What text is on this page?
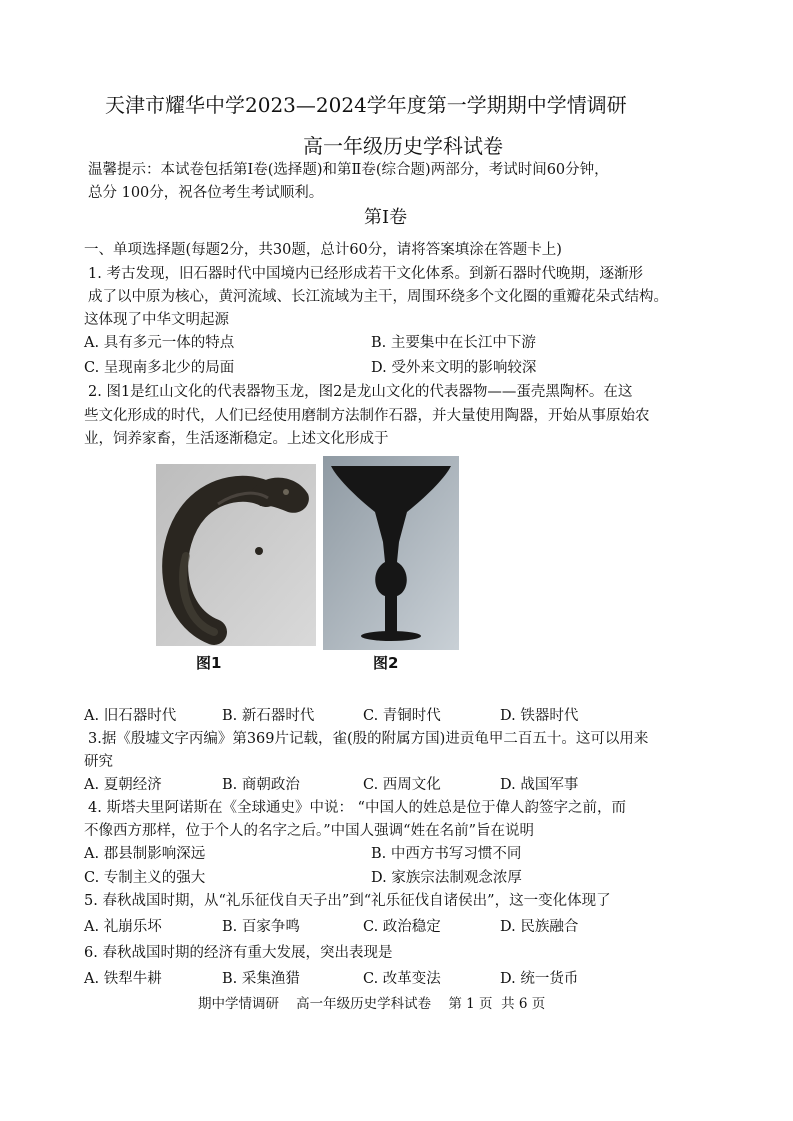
天津市耀华中学2023—2024学年度第一学期期中学情调研
高一年级历史学科试卷
温馨提示：本试卷包括第Ⅰ卷(选择题)和第Ⅱ卷(综合题)两部分，考试时间60分钟，
总分 100分，祝各位考生考试顺利。
第Ⅰ卷
一、单项选择题(每题2分，共30题，总计60分，请将答案填涂在答题卡上)
1. 考古发现，旧石器时代中国境内已经形成若干文化体系。到新石器时代晚期，逐渐形
成了以中原为核心，黄河流域、长江流域为主干，周围环绕多个文化圈的重瓣花朵式结构。
这体现了中华文明起源
A. 具有多元一体的特点	B. 主要集中在长江中下游
C. 呈现南多北少的局面	D. 受外来文明的影响较深
2. 图1是红山文化的代表器物玉龙，图2是龙山文化的代表器物——蛋壳黑陶杯。在这
些文化形成的时代，人们已经使用磨制方法制作石器，并大量使用陶器，开始从事原始农
业，饲养家畜，生活逐渐稳定。上述文化形成于
图1	图2
A. 旧石器时代	B. 新石器时代	C. 青铜时代	D. 铁器时代
3.据《殷墟文字丙编》第369片记载，雀(殷的附属方国)进贡龟甲二百五十。这可以用来
研究
A. 夏朝经济	B. 商朝政治	C. 西周文化	D. 战国军事
4. 斯塔夫里阿诺斯在《全球通史》中说： “中国人的姓总是位于偉人韵签字之前，而
不像西方那样，位于个人的名字之后。”中国人强调“姓在名前”旨在说明
A. 郡县制影响深远	B. 中西方书写习惯不同
C. 专制主义的强大	D. 家族宗法制观念浓厚
5. 春秋战国时期，从“礼乐征伐自天子出”到“礼乐征伐自诸侯出”，这一变化体现了
A. 礼崩乐坏	B. 百家争鸣	C. 政治稳定	D. 民族融合
6. 春秋战国时期的经济有重大发展，突出表现是
A. 铁犁牛耕	B. 采集渔猎	C. 改革变法	D. 统一货币
期中学情调研    高一年级历史学科试卷    第 1 页  共 6 页
